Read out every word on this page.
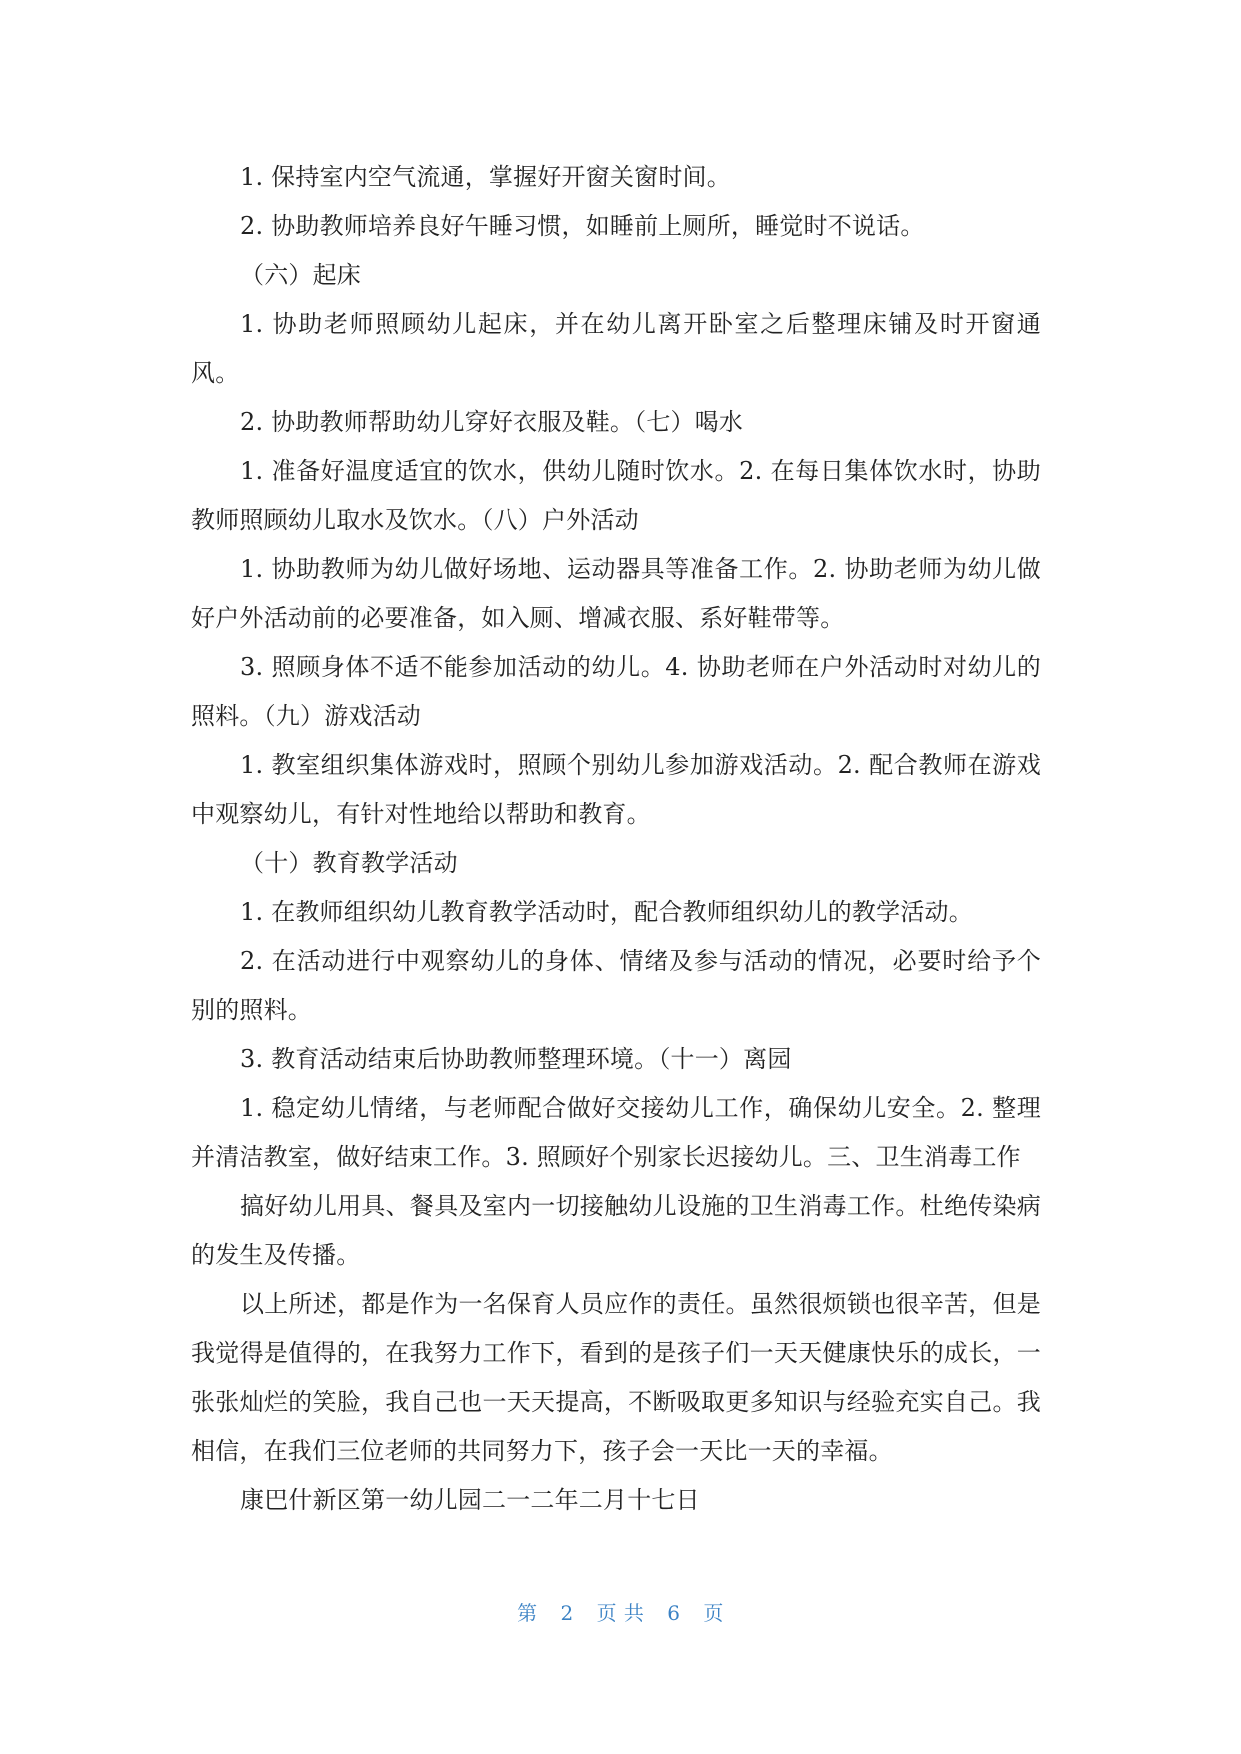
1. 保持室内空气流通，掌握好开窗关窗时间。

2. 协助教师培养良好午睡习惯，如睡前上厕所，睡觉时不说话。

（六）起床

1. 协助老师照顾幼儿起床，并在幼儿离开卧室之后整理床铺及时开窗通风。

2. 协助教师帮助幼儿穿好衣服及鞋。（七）喝水

1. 准备好温度适宜的饮水，供幼儿随时饮水。2. 在每日集体饮水时，协助教师照顾幼儿取水及饮水。（八）户外活动

1. 协助教师为幼儿做好场地、运动器具等准备工作。2. 协助老师为幼儿做好户外活动前的必要准备，如入厕、增减衣服、系好鞋带等。

3. 照顾身体不适不能参加活动的幼儿。4. 协助老师在户外活动时对幼儿的照料。（九）游戏活动

1. 教室组织集体游戏时，照顾个别幼儿参加游戏活动。2. 配合教师在游戏中观察幼儿，有针对性地给以帮助和教育。

（十）教育教学活动

1. 在教师组织幼儿教育教学活动时，配合教师组织幼儿的教学活动。

2. 在活动进行中观察幼儿的身体、情绪及参与活动的情况，必要时给予个别的照料。

3. 教育活动结束后协助教师整理环境。（十一）离园

1. 稳定幼儿情绪，与老师配合做好交接幼儿工作，确保幼儿安全。2. 整理并清洁教室，做好结束工作。3. 照顾好个别家长迟接幼儿。三、卫生消毒工作

搞好幼儿用具、餐具及室内一切接触幼儿设施的卫生消毒工作。杜绝传染病的发生及传播。

以上所述，都是作为一名保育人员应作的责任。虽然很烦锁也很辛苦，但是我觉得是值得的，在我努力工作下，看到的是孩子们一天天健康快乐的成长，一张张灿烂的笑脸，我自己也一天天提高，不断吸取更多知识与经验充实自己。我相信，在我们三位老师的共同努力下，孩子会一天比一天的幸福。

康巴什新区第一幼儿园二一二年二月十七日

第 2 页 共 6 页
